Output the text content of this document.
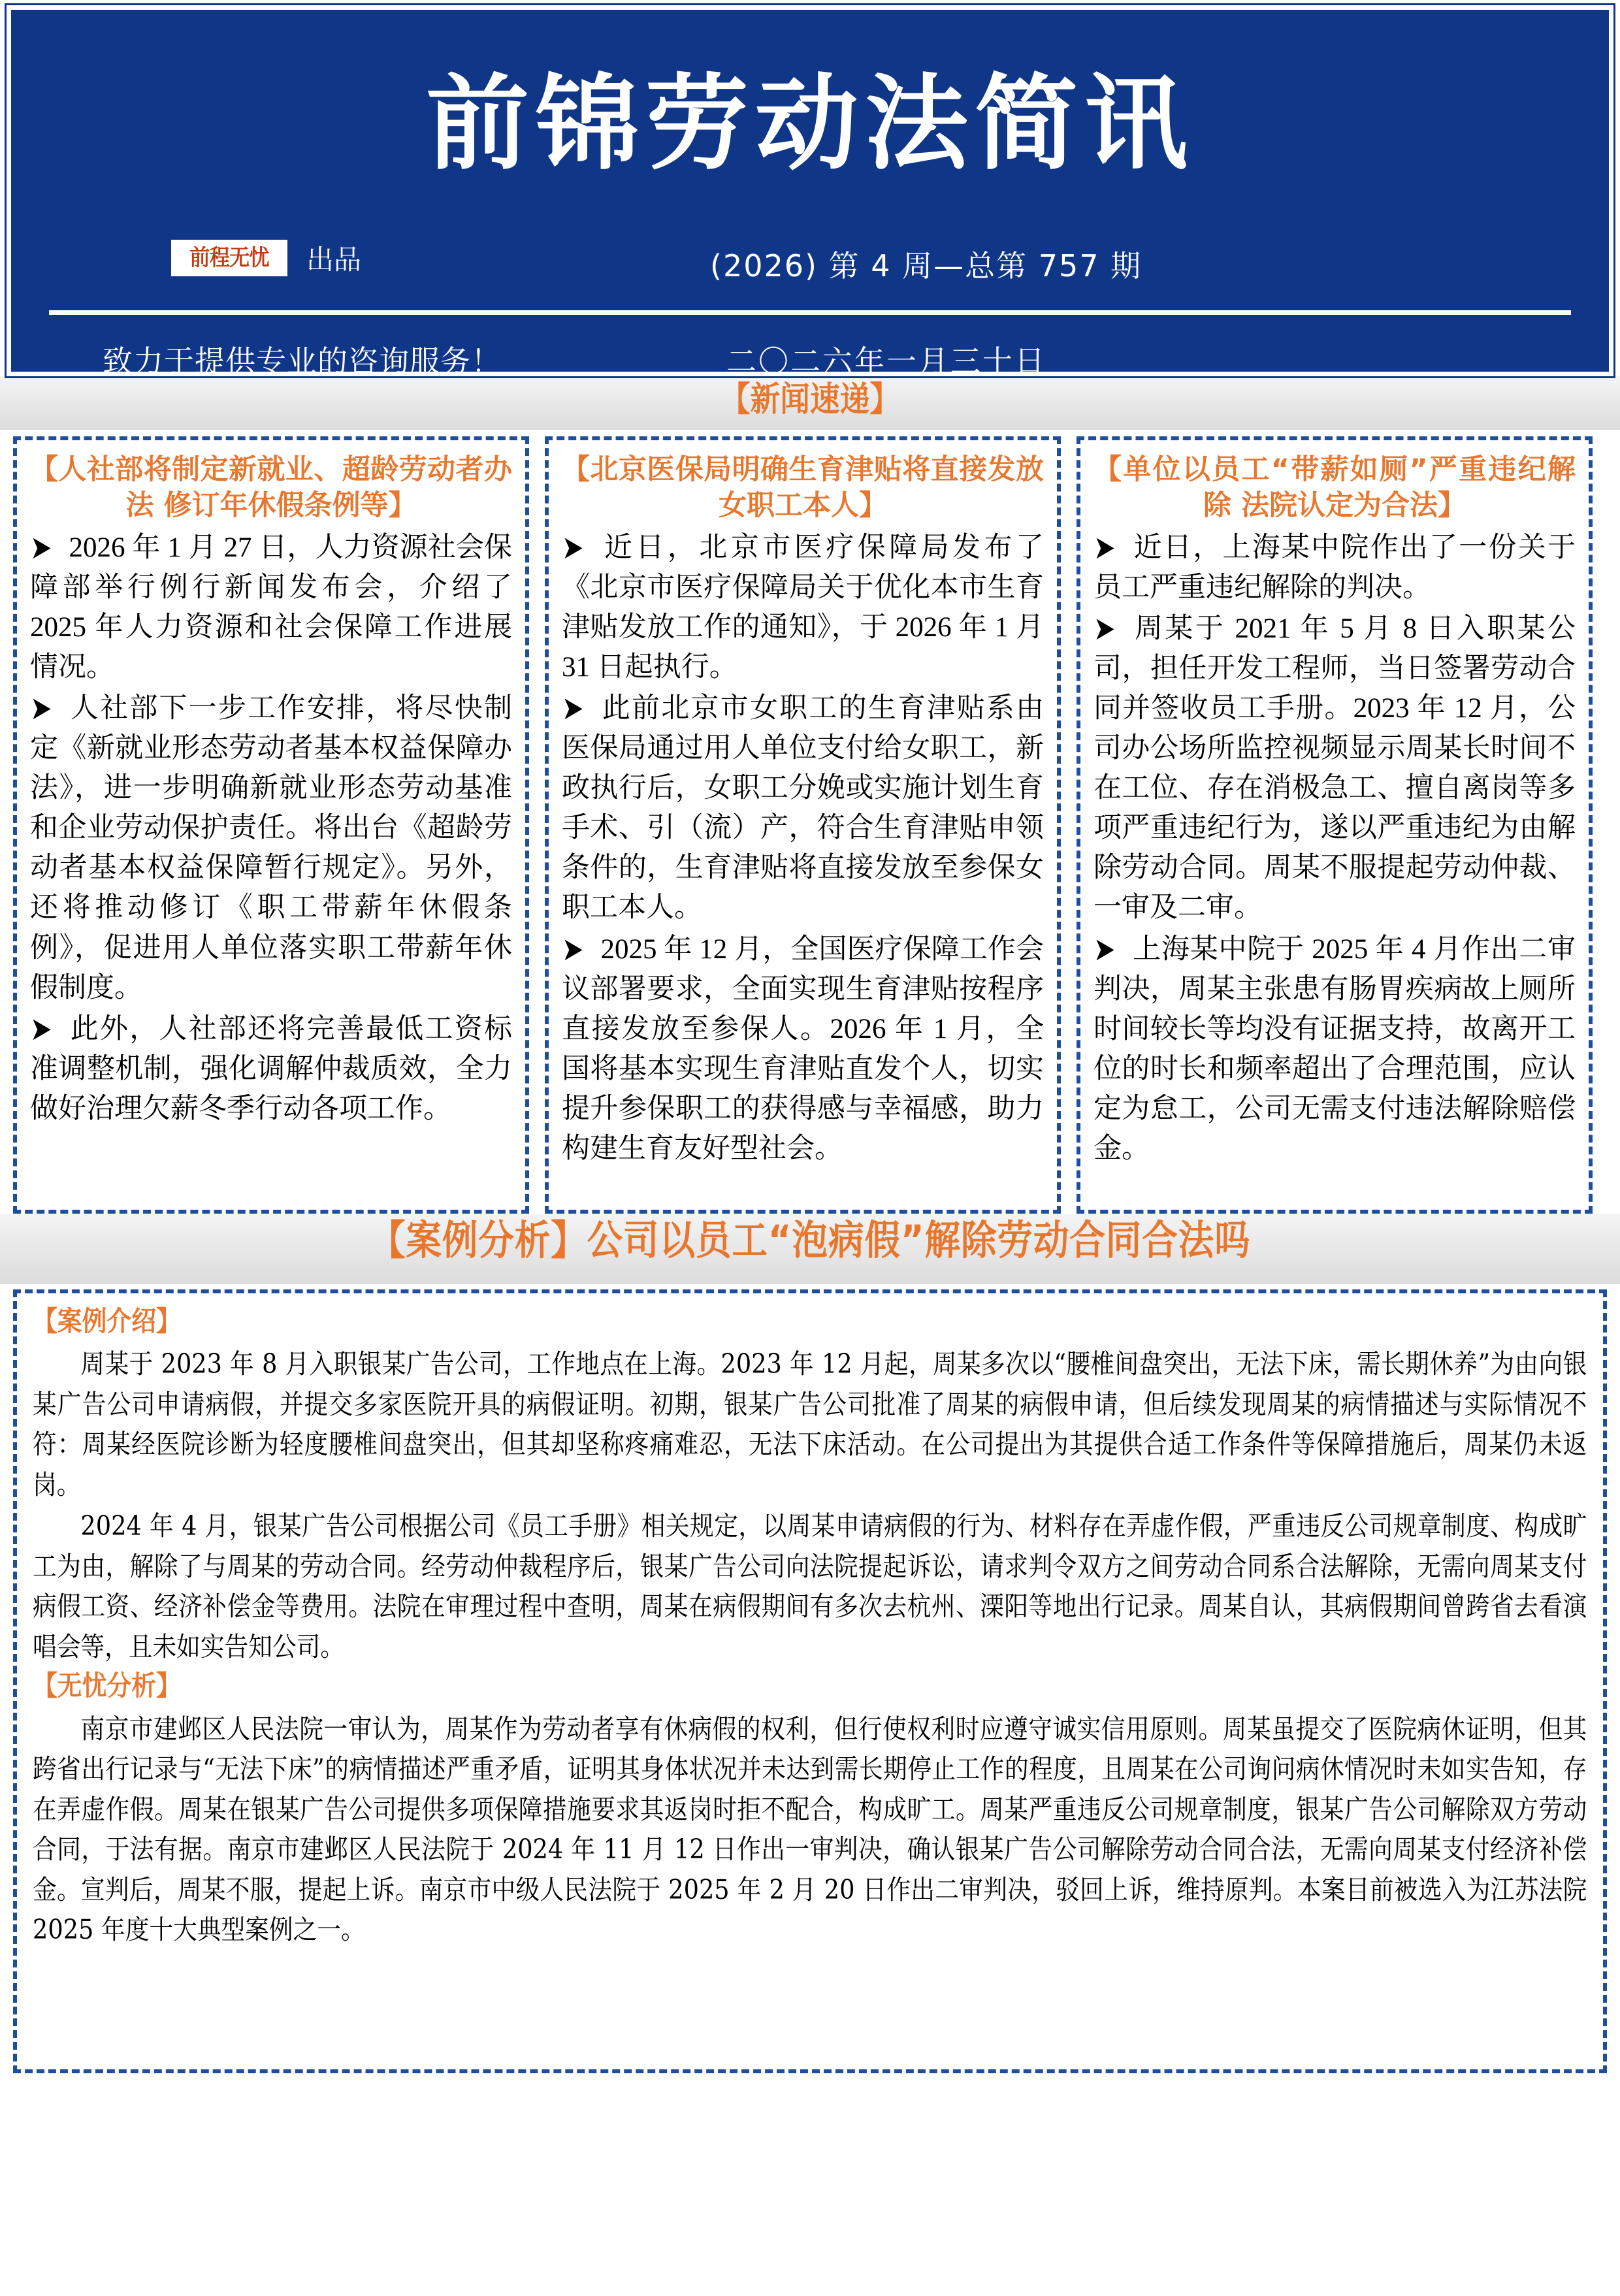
前锦劳动法简讯
前程无忧 出品	(2026) 第 4 周—总第 757 期
致力于提供专业的咨询服务！	二〇二六年一月三十日
【新闻速递】
【人社部将制定新就业、超龄劳动者办法 修订年休假条例等】

➤ 2026 年 1 月 27 日，人力资源社会保障部举行例行新闻发布会，介绍了 2025 年人力资源和社会保障工作进展情况。

➤ 人社部下一步工作安排，将尽快制定《新就业形态劳动者基本权益保障办法》，进一步明确新就业形态劳动基准和企业劳动保护责任。将出台《超龄劳动者基本权益保障暂行规定》。另外，还将推动修订《职工带薪年休假条例》，促进用人单位落实职工带薪年休假制度。

➤ 此外，人社部还将完善最低工资标准调整机制，强化调解仲裁质效，全力做好治理欠薪冬季行动各项工作。

【北京医保局明确生育津贴将直接发放女职工本人】

➤ 近日，北京市医疗保障局发布了《北京市医疗保障局关于优化本市生育津贴发放工作的通知》，于 2026 年 1 月 31 日起执行。

➤ 此前北京市女职工的生育津贴系由医保局通过用人单位支付给女职工，新政执行后，女职工分娩或实施计划生育手术、引（流）产，符合生育津贴申领条件的，生育津贴将直接发放至参保女职工本人。

➤ 2025 年 12 月，全国医疗保障工作会议部署要求，全面实现生育津贴按程序直接发放至参保人。2026 年 1 月，全国将基本实现生育津贴直发个人，切实提升参保职工的获得感与幸福感，助力构建生育友好型社会。

【单位以员工“带薪如厕”严重违纪解除 法院认定为合法】

➤ 近日，上海某中院作出了一份关于员工严重违纪解除的判决。

➤ 周某于 2021 年 5 月 8 日入职某公司，担任开发工程师，当日签署劳动合同并签收员工手册。2023 年 12 月，公司办公场所监控视频显示周某长时间不在工位、存在消极急工、擅自离岗等多项严重违纪行为，遂以严重违纪为由解除劳动合同。周某不服提起劳动仲裁、一审及二审。

➤ 上海某中院于 2025 年 4 月作出二审判决，周某主张患有肠胃疾病故上厕所时间较长等均没有证据支持，故离开工位的时长和频率超出了合理范围，应认定为怠工，公司无需支付违法解除赔偿金。

【案例分析】公司以员工“泡病假”解除劳动合同合法吗
【案例介绍】

周某于 2023 年 8 月入职银某广告公司，工作地点在上海。2023 年 12 月起，周某多次以“腰椎间盘突出，无法下床，需长期休养”为由向银某广告公司申请病假，并提交多家医院开具的病假证明。初期，银某广告公司批准了周某的病假申请，但后续发现周某的病情描述与实际情况不符：周某经医院诊断为轻度腰椎间盘突出，但其却坚称疼痛难忍，无法下床活动。在公司提出为其提供合适工作条件等保障措施后，周某仍未返岗。

2024 年 4 月，银某广告公司根据公司《员工手册》相关规定，以周某申请病假的行为、材料存在弄虚作假，严重违反公司规章制度、构成旷工为由，解除了与周某的劳动合同。经劳动仲裁程序后，银某广告公司向法院提起诉讼，请求判令双方之间劳动合同系合法解除，无需向周某支付病假工资、经济补偿金等费用。法院在审理过程中查明，周某在病假期间有多次去杭州、溧阳等地出行记录。周某自认，其病假期间曾跨省去看演唱会等，且未如实告知公司。

【无忧分析】

南京市建邺区人民法院一审认为，周某作为劳动者享有休病假的权利，但行使权利时应遵守诚实信用原则。周某虽提交了医院病休证明，但其跨省出行记录与“无法下床”的病情描述严重矛盾，证明其身体状况并未达到需长期停止工作的程度，且周某在公司询问病休情况时未如实告知，存在弄虚作假。周某在银某广告公司提供多项保障措施要求其返岗时拒不配合，构成旷工。周某严重违反公司规章制度，银某广告公司解除双方劳动合同，于法有据。南京市建邺区人民法院于 2024 年 11 月 12 日作出一审判决，确认银某广告公司解除劳动合同合法，无需向周某支付经济补偿金。宣判后，周某不服，提起上诉。南京市中级人民法院于 2025 年 2 月 20 日作出二审判决，驳回上诉，维持原判。本案目前被选入为江苏法院 2025 年度十大典型案例之一。
